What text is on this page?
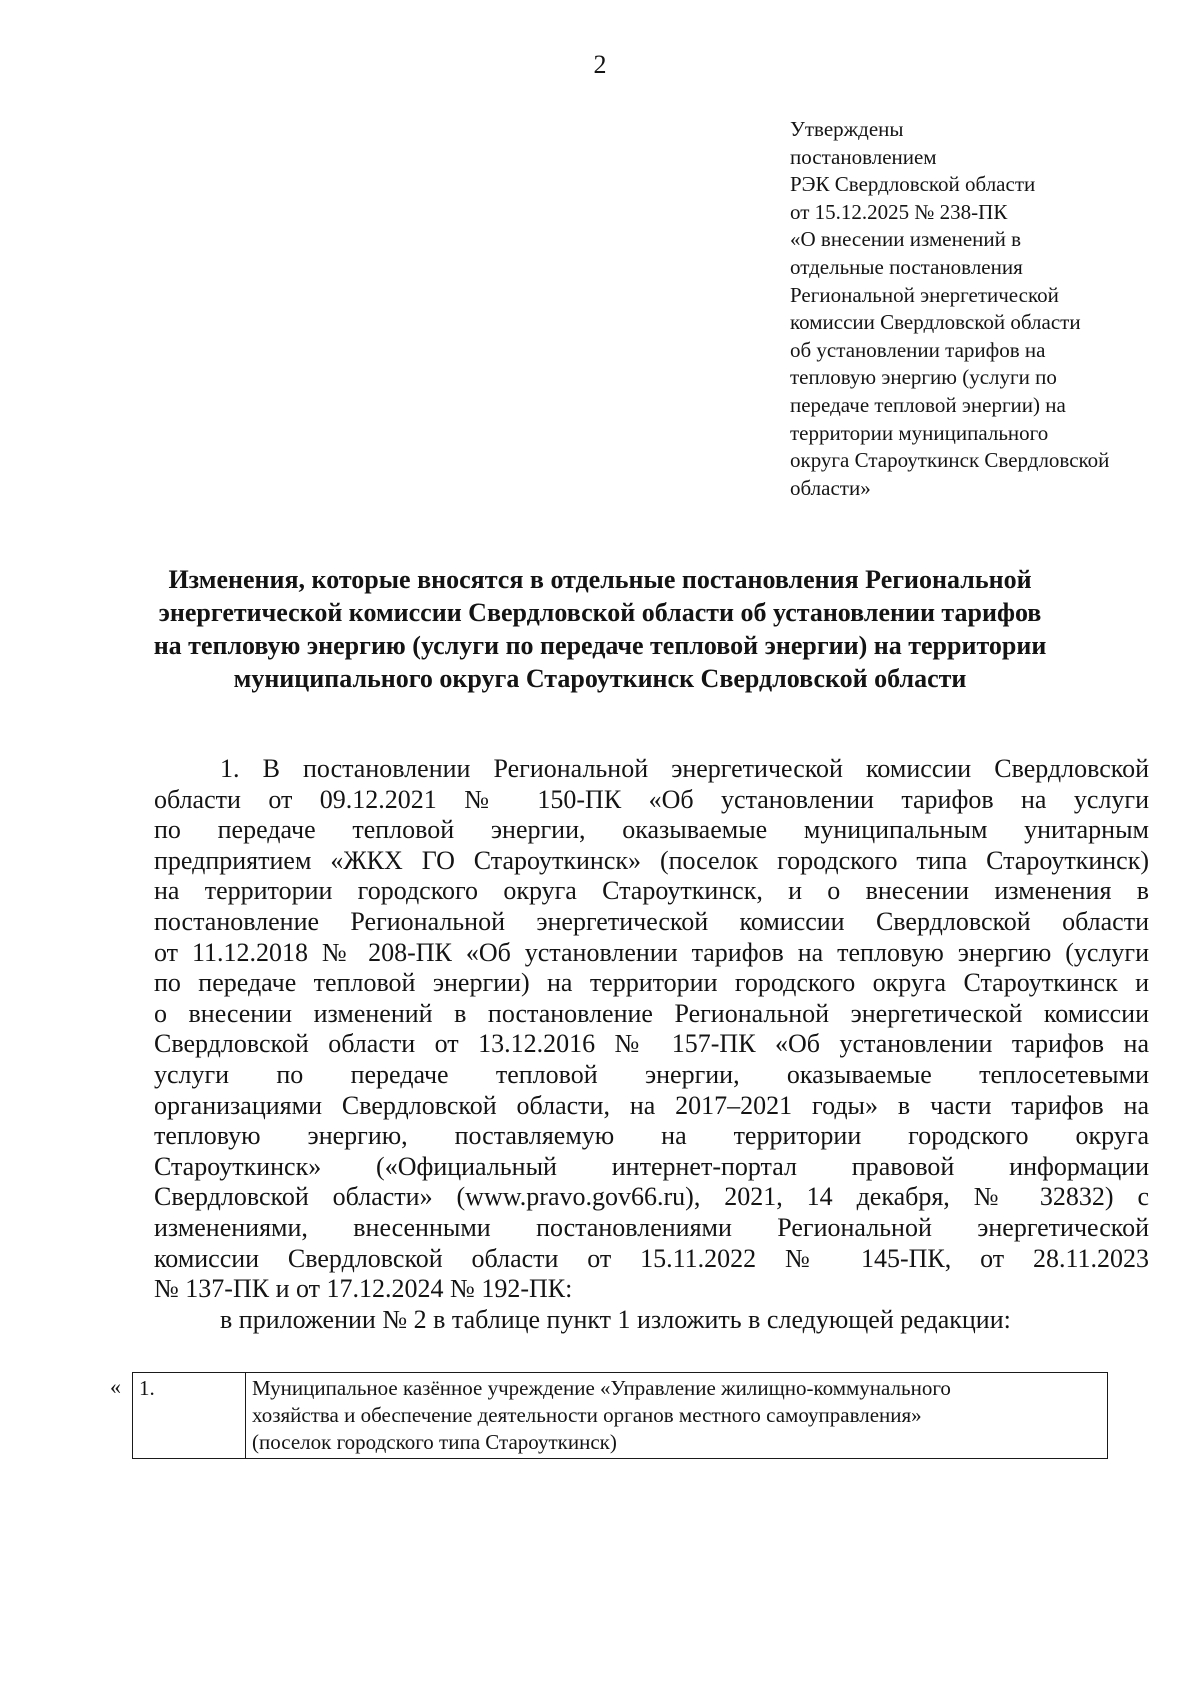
2
Утверждены
постановлением
РЭК Свердловской области
от 15.12.2025 № 238-ПК
«О внесении изменений в
отдельные постановления
Региональной энергетической
комиссии Свердловской области
об установлении тарифов на
тепловую энергию (услуги по
передаче тепловой энергии) на
территории муниципального
округа Староуткинск Свердловской
области»
Изменения, которые вносятся в отдельные постановления Региональной
энергетической комиссии Свердловской области об установлении тарифов
на тепловую энергию (услуги по передаче тепловой энергии) на территории
муниципального округа Староуткинск Свердловской области
1. В постановлении Региональной энергетической комиссии Свердловской
области от 09.12.2021 № 150-ПК «Об установлении тарифов на услуги
по передаче тепловой энергии, оказываемые муниципальным унитарным
предприятием «ЖКХ ГО Староуткинск» (поселок городского типа Староуткинск)
на территории городского округа Староуткинск, и о внесении изменения в
постановление Региональной энергетической комиссии Свердловской области
от 11.12.2018 № 208-ПК «Об установлении тарифов на тепловую энергию (услуги
по передаче тепловой энергии) на территории городского округа Староуткинск и
о внесении изменений в постановление Региональной энергетической комиссии
Свердловской области от 13.12.2016 № 157-ПК «Об установлении тарифов на
услуги по передаче тепловой энергии, оказываемые теплосетевыми
организациями Свердловской области, на 2017–2021 годы» в части тарифов на
тепловую энергию, поставляемую на территории городского округа
Староуткинск» («Официальный интернет-портал правовой информации
Свердловской области» (www.pravo.gov66.ru), 2021, 14 декабря, № 32832) с
изменениями, внесенными постановлениями Региональной энергетической
комиссии Свердловской области от 15.11.2022 № 145-ПК, от 28.11.2023
№ 137-ПК и от 17.12.2024 № 192-ПК:
в приложении № 2 в таблице пункт 1 изложить в следующей редакции:
« 1.	Муниципальное казённое учреждение «Управление жилищно-коммунального
хозяйства и обеспечение деятельности органов местного самоуправления»
(поселок городского типа Староуткинск)
